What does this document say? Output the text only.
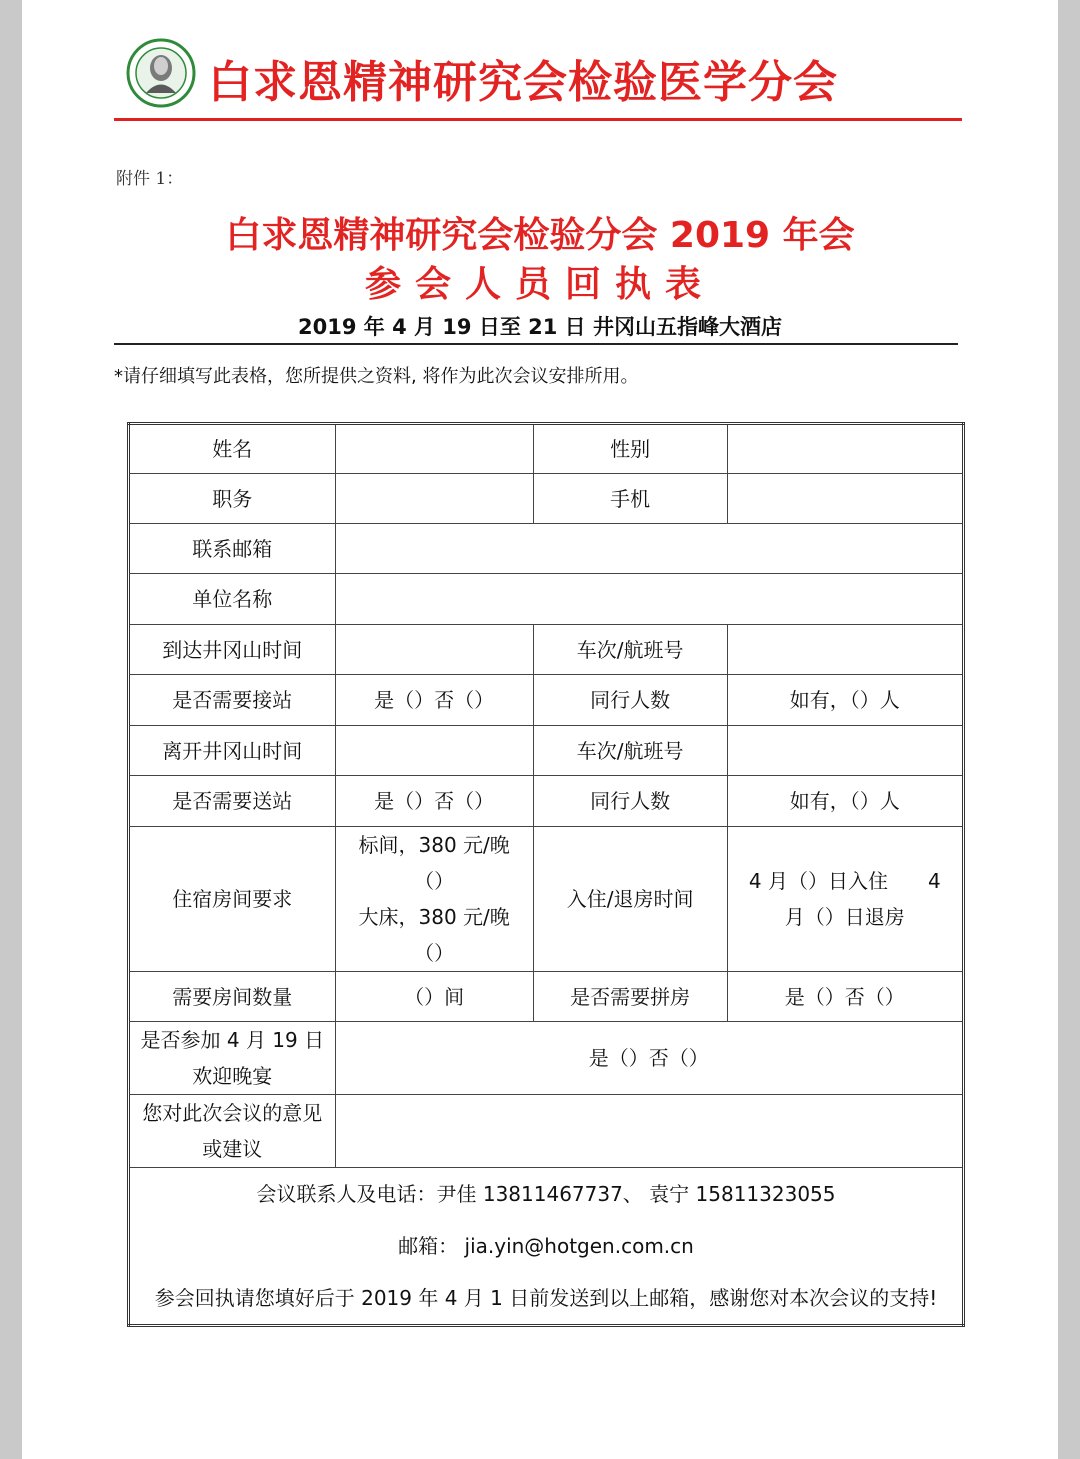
白求恩精神研究会检验医学分会
附件 1：
白求恩精神研究会检验分会 2019 年会
参会人员回执表
2019 年 4 月 19 日至 21 日 井冈山五指峰大酒店
*请仔细填写此表格，您所提供之资料, 将作为此次会议安排所用。
姓名		性别	
职务		手机	
联系邮箱			
单位名称			
到达井冈山时间		车次/航班号	
是否需要接站	是（）否（）	同行人数	如有，（）人
离开井冈山时间		车次/航班号	
是否需要送站	是（）否（）	同行人数	如有，（）人
住宿房间要求	标间，380 元/晚
（）
大床，380 元/晚
（）	入住/退房时间	4 月（）日入住　　4
月（）日退房

需要房间数量	（）间	是否需要拼房	是（）否（）

是否参加 4 月 19 日
欢迎晚宴	是（）否（）		

您对此次会议的意见
或建议			

会议联系人及电话：尹佳 13811467737、 袁宁 15811323055
邮箱： jia.yin@hotgen.com.cn
参会回执请您填好后于 2019 年 4 月 1 日前发送到以上邮箱，感谢您对本次会议的支持!			
